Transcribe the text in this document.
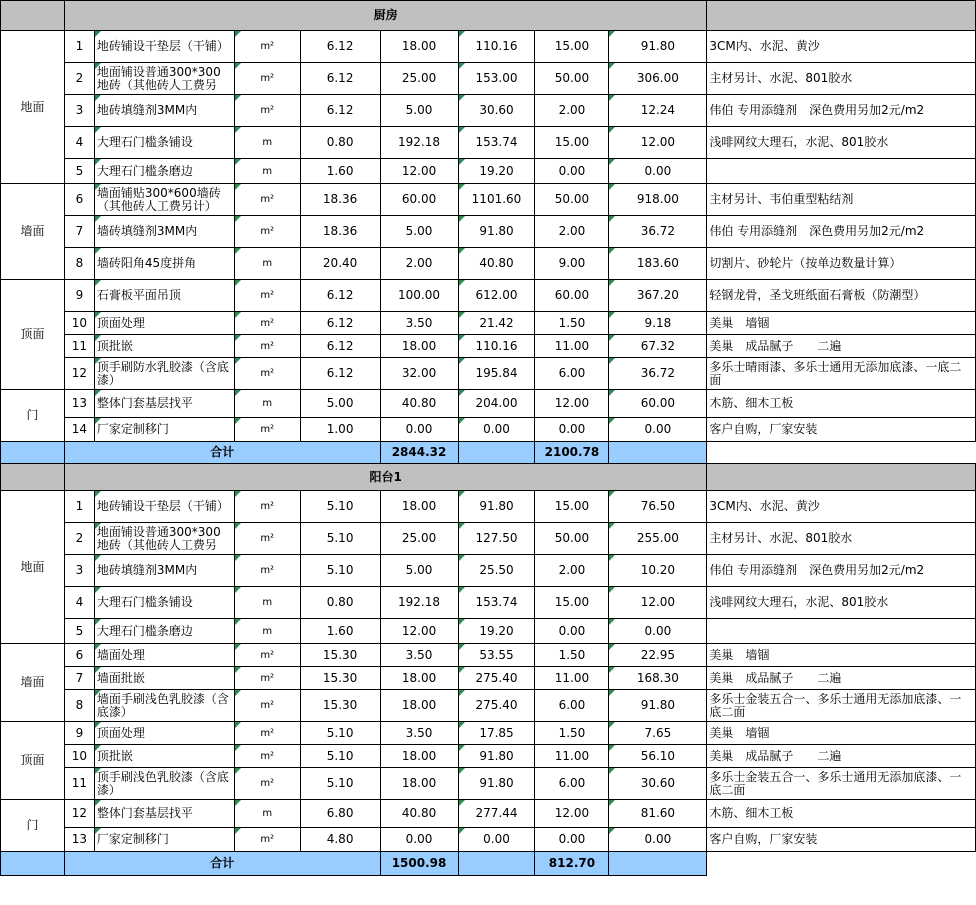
	厨房								
地面	1	地砖铺设干垫层（干铺）	m²	6.12	18.00	110.16	15.00	91.80	3CM内、水泥、黄沙
	2	地面铺设普通300*300地砖（其他砖人工费另	m²	6.12	25.00	153.00	50.00	306.00	主材另计、水泥、801胶水
	3	地砖填缝剂3MM内	m²	6.12	5.00	30.60	2.00	12.24	伟伯 专用添缝剂　深色费用另加2元/m2
	4	大理石门槛条铺设	m	0.80	192.18	153.74	15.00	12.00	浅啡网纹大理石，水泥、801胶水
	5	大理石门槛条磨边	m	1.60	12.00	19.20	0.00	0.00	
墙面	6	墙面铺贴300*600墙砖（其他砖人工费另计）	m²	18.36	60.00	1101.60	50.00	918.00	主材另计、韦伯重型粘结剂
	7	墙砖填缝剂3MM内	m²	18.36	5.00	91.80	2.00	36.72	伟伯 专用添缝剂　深色费用另加2元/m2
	8	墙砖阳角45度拼角	m	20.40	2.00	40.80	9.00	183.60	切割片、砂轮片（按单边数量计算）
顶面	9	石膏板平面吊顶	m²	6.12	100.00	612.00	60.00	367.20	轻钢龙骨，圣戈班纸面石膏板（防潮型）
	10	顶面处理	m²	6.12	3.50	21.42	1.50	9.18	美巢　墙锢
	11	顶批嵌	m²	6.12	18.00	110.16	11.00	67.32	美巢　成品腻子　　二遍
	12	顶手刷防水乳胶漆（含底漆）	m²	6.12	32.00	195.84	6.00	36.72	多乐士晴雨漆、多乐士通用无添加底漆、一底二面
门	13	整体门套基层找平	m	5.00	40.80	204.00	12.00	60.00	木筋、细木工板
	14	厂家定制移门	m²	1.00	0.00	0.00	0.00	0.00	客户自购，厂家安装
	合计				2844.32		2100.78		
	阳台1								
地面	1	地砖铺设干垫层（干铺）	m²	5.10	18.00	91.80	15.00	76.50	3CM内、水泥、黄沙
	2	地面铺设普通300*300地砖（其他砖人工费另	m²	5.10	25.00	127.50	50.00	255.00	主材另计、水泥、801胶水
	3	地砖填缝剂3MM内	m²	5.10	5.00	25.50	2.00	10.20	伟伯 专用添缝剂　深色费用另加2元/m2
	4	大理石门槛条铺设	m	0.80	192.18	153.74	15.00	12.00	浅啡网纹大理石，水泥、801胶水
	5	大理石门槛条磨边	m	1.60	12.00	19.20	0.00	0.00	
墙面	6	墙面处理	m²	15.30	3.50	53.55	1.50	22.95	美巢　墙锢
	7	墙面批嵌	m²	15.30	18.00	275.40	11.00	168.30	美巢　成品腻子　　二遍
	8	墙面手刷浅色乳胶漆（含底漆）	m²	15.30	18.00	275.40	6.00	91.80	多乐士金装五合一、多乐士通用无添加底漆、一底二面
顶面	9	顶面处理	m²	5.10	3.50	17.85	1.50	7.65	美巢　墙锢
	10	顶批嵌	m²	5.10	18.00	91.80	11.00	56.10	美巢　成品腻子　　二遍
	11	顶手刷浅色乳胶漆（含底漆）	m²	5.10	18.00	91.80	6.00	30.60	多乐士金装五合一、多乐士通用无添加底漆、一底二面
门	12	整体门套基层找平	m	6.80	40.80	277.44	12.00	81.60	木筋、细木工板
	13	厂家定制移门	m²	4.80	0.00	0.00	0.00	0.00	客户自购，厂家安装
	合计				1500.98		812.70		
